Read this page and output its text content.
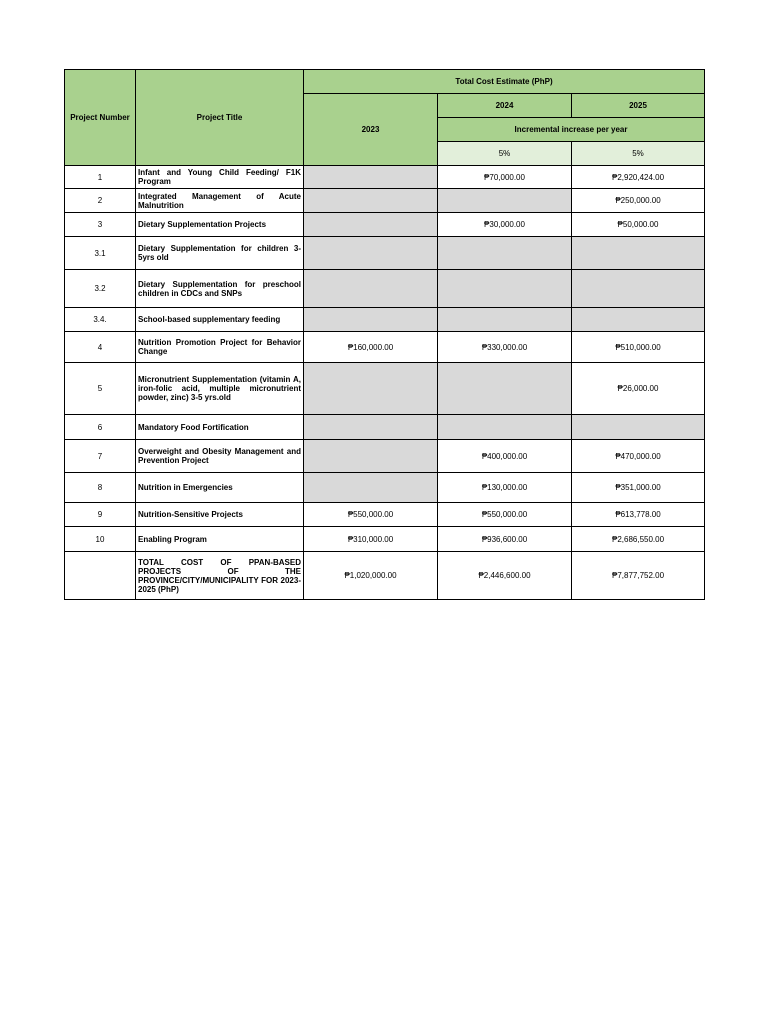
Project Number	Project Title	Total Cost Estimate (PhP)		
		2023	2024	2025
			Incremental increase per year	
			5%	5%
1	Infant and Young Child Feeding/ F1K Program		₱70,000.00	₱2,920,424.00
2	Integrated Management of Acute Malnutrition			₱250,000.00
3	Dietary Supplementation Projects		₱30,000.00	₱50,000.00
3.1	Dietary Supplementation for children 3-5yrs old			
3.2	Dietary Supplementation for preschool children in CDCs and SNPs			
3.4.	School-based supplementary feeding			
4	Nutrition Promotion Project for Behavior Change	₱160,000.00	₱330,000.00	₱510,000.00
5	Micronutrient Supplementation (vitamin A, iron-folic acid, multiple micronutrient powder, zinc) 3-5 yrs.old			₱26,000.00
6	Mandatory Food Fortification			
7	Overweight and Obesity Management and Prevention Project		₱400,000.00	₱470,000.00
8	Nutrition in Emergencies		₱130,000.00	₱351,000.00
9	Nutrition-Sensitive Projects	₱550,000.00	₱550,000.00	₱613,778.00
10	Enabling Program	₱310,000.00	₱936,600.00	₱2,686,550.00
	TOTAL COST OF PPAN-BASED PROJECTS OF THE PROVINCE/CITY/MUNICIPALITY FOR 2023-2025 (PhP)	₱1,020,000.00	₱2,446,600.00	₱7,877,752.00
